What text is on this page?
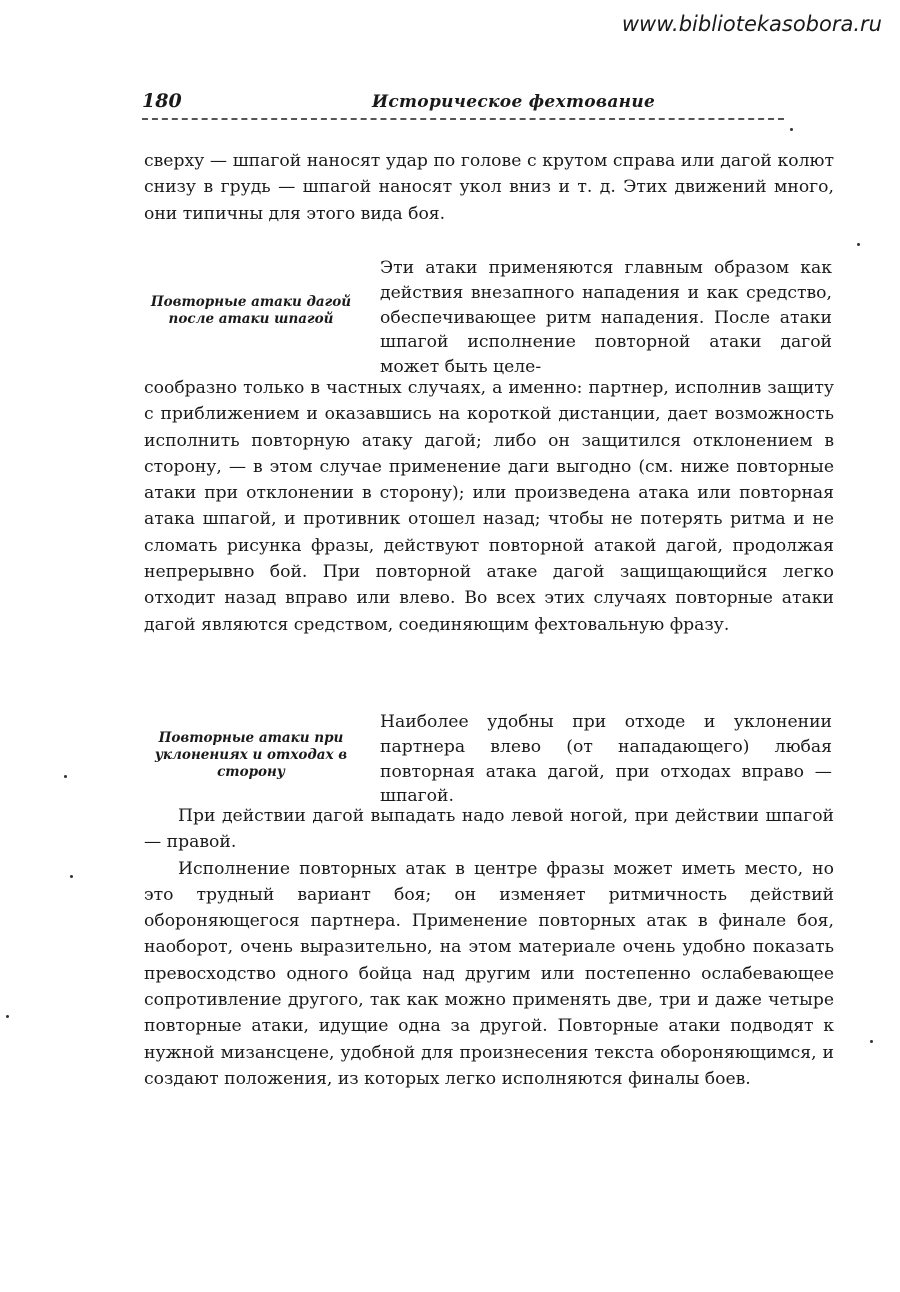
www.bibliotekasobora.ru
180	Историческое фехтование

сверху — шпагой наносят удар по голове с крутом справа или дагой колют снизу в грудь — шпагой наносят укол вниз и т. д. Этих движений много, они типичны для этого вида боя.

Повторные атаки дагой после атаки шпагой
Эти атаки применяются главным образом как действия внезапного нападения и как средство, обеспечивающее ритм нападения. После атаки шпагой исполнение повторной атаки дагой может быть целе-

сообразно только в частных случаях, а именно: партнер, исполнив защиту с приближением и оказавшись на короткой дистанции, дает возможность исполнить повторную атаку дагой; либо он защитился отклонением в сторону, — в этом случае применение даги выгодно (см. ниже повторные атаки при отклонении в сторону); или произведена атака или повторная атака шпагой, и противник отошел назад; чтобы не потерять ритма и не сломать рисунка фразы, действуют повторной атакой дагой, продолжая непрерывно бой. При повторной атаке дагой защищающийся легко отходит назад вправо или влево. Во всех этих случаях повторные атаки дагой являются средством, соединяющим фехтовальную фразу.

Повторные атаки при уклонениях и отходах в сторону
Наиболее удобны при отходе и уклонении партнера влево (от нападающего) любая повторная атака дагой, при отходах вправо — шпагой.

При действии дагой выпадать надо левой ногой, при действии шпагой — правой.

Исполнение повторных атак в центре фразы может иметь место, но это трудный вариант боя; он изменяет ритмичность действий обороняющегося партнера. Применение повторных атак в финале боя, наоборот, очень выразительно, на этом материале очень удобно показать превосходство одного бойца над другим или постепенно ослабевающее сопротивление другого, так как можно применять две, три и даже четыре повторные атаки, идущие одна за другой. Повторные атаки подводят к нужной мизансцене, удобной для произнесения текста обороняющимся, и создают положения, из которых легко исполняются финалы боев.
